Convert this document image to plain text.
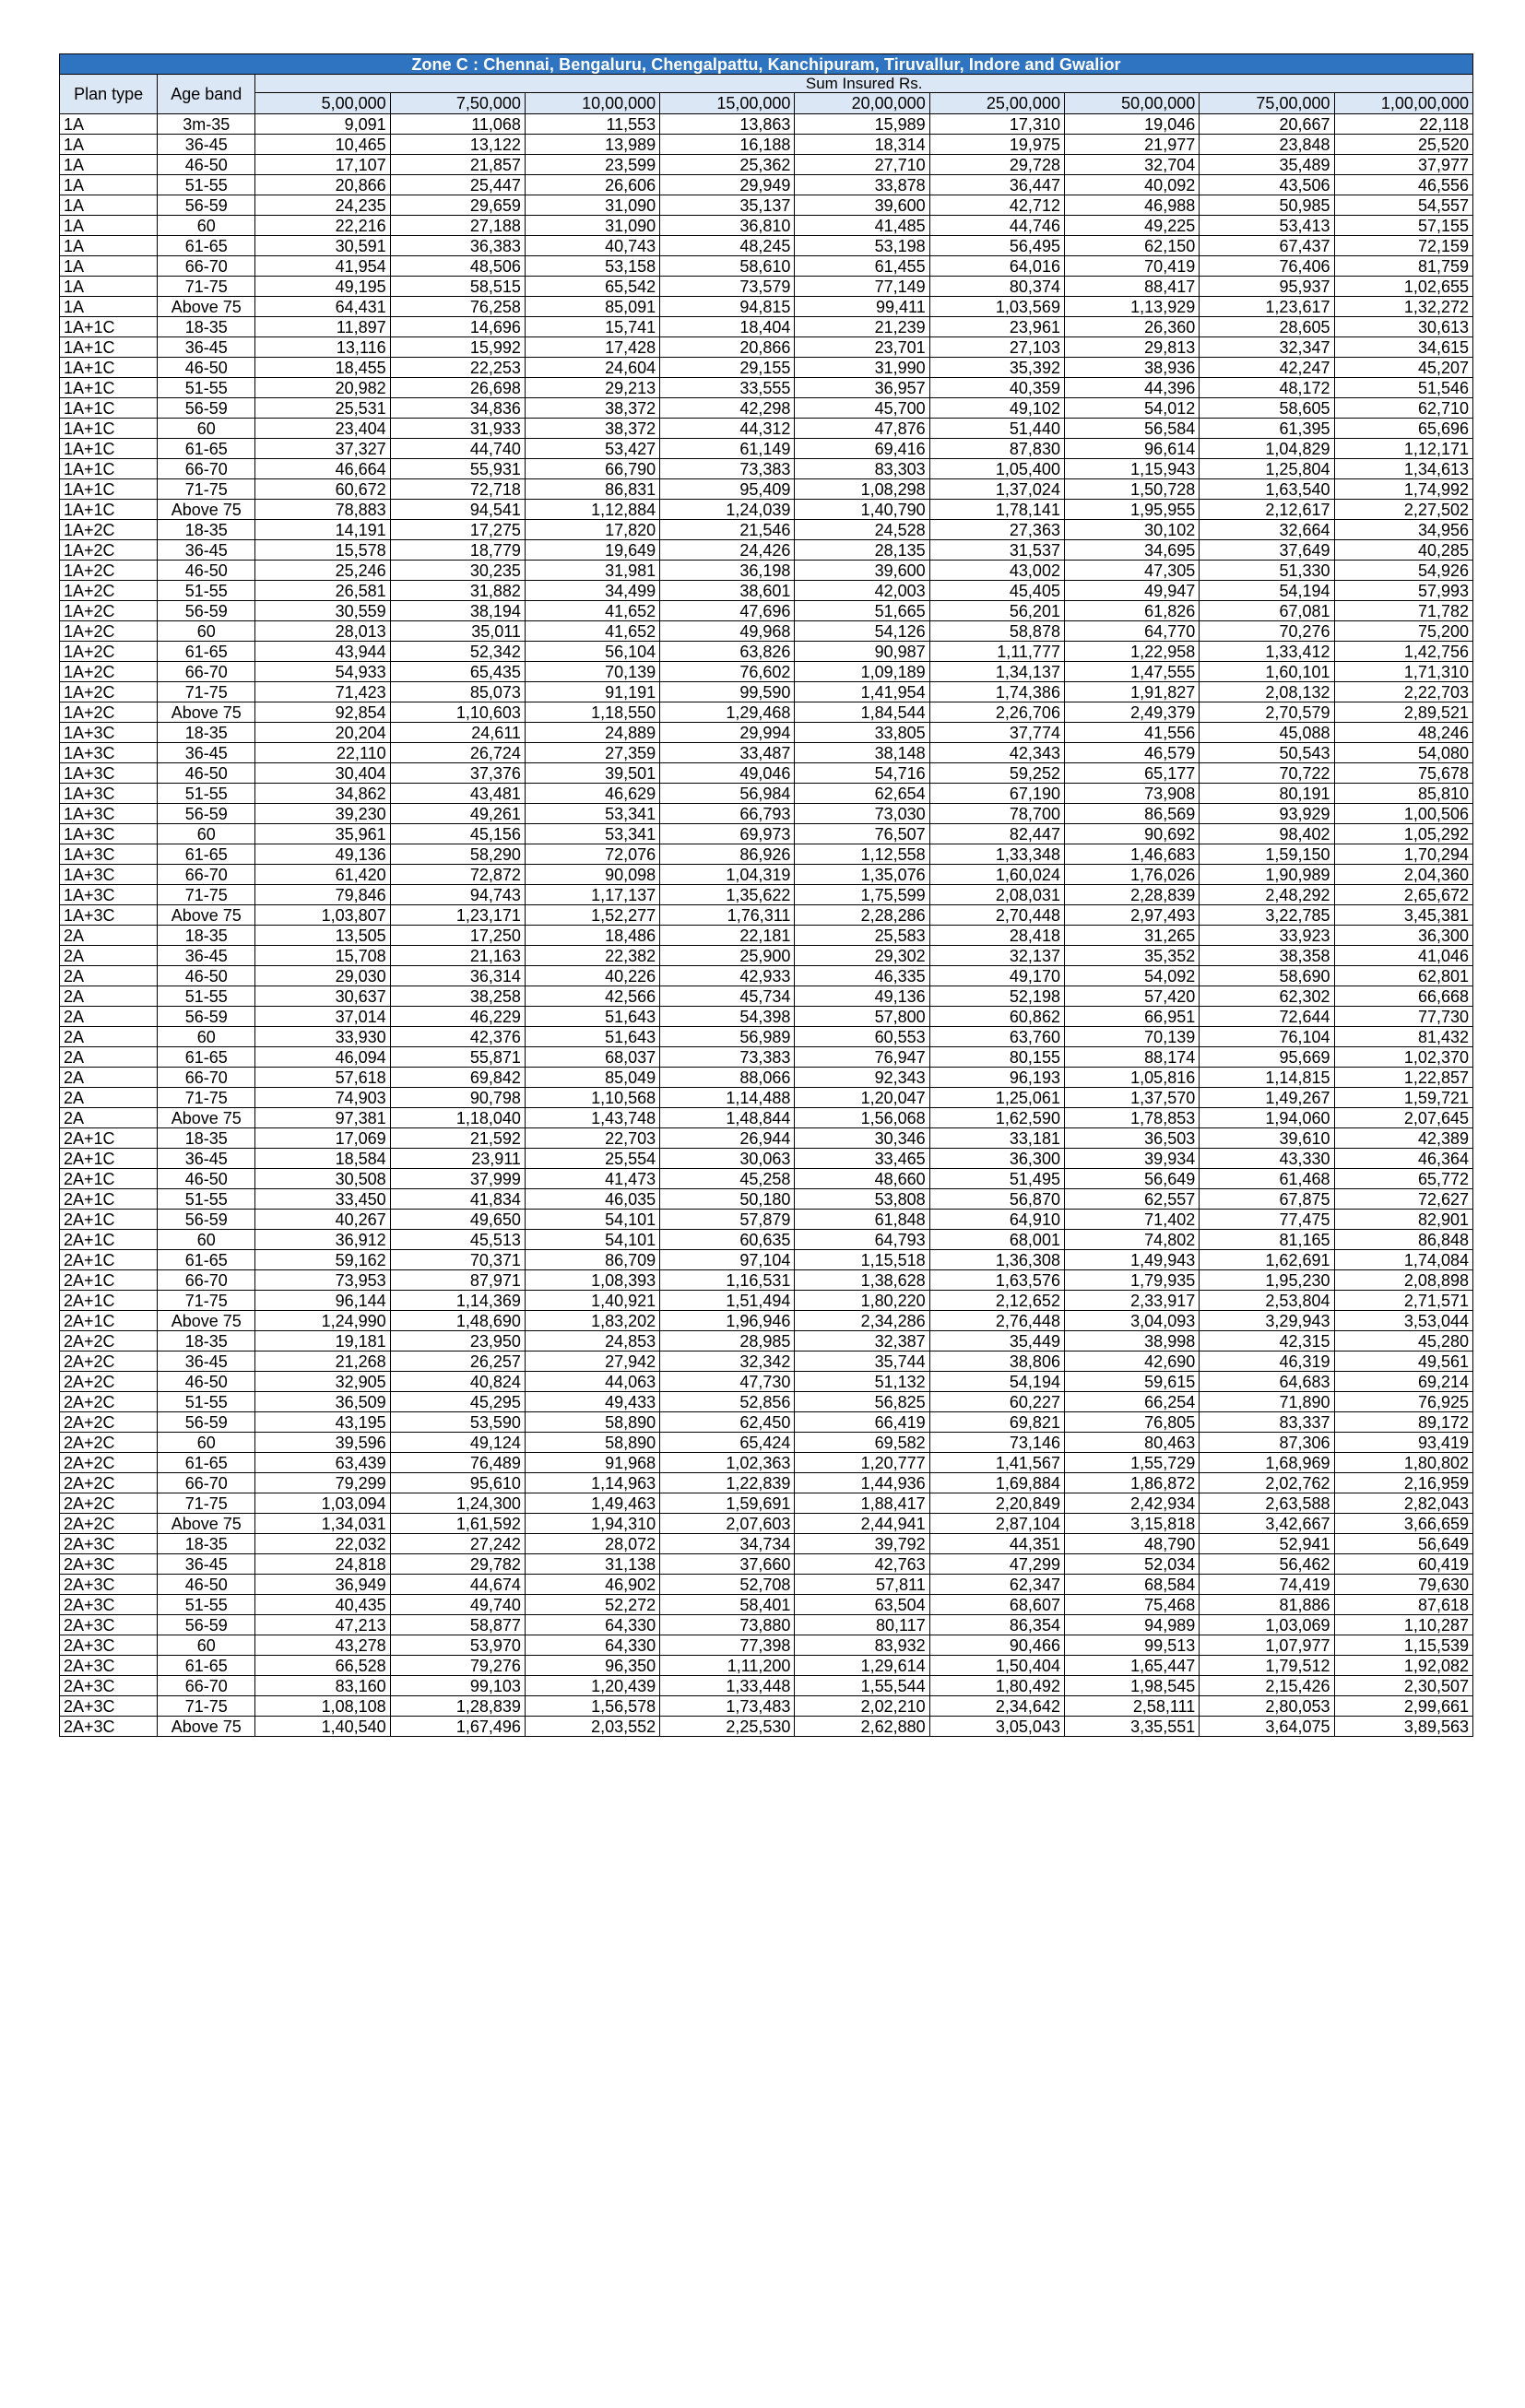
Zone C : Chennai, Bengaluru, Chengalpattu, Kanchipuram, Tiruvallur, Indore and Gwalior										
Plan type	Age band	Sum Insured Rs.								
		5,00,000	7,50,000	10,00,000	15,00,000	20,00,000	25,00,000	50,00,000	75,00,000	1,00,00,000
1A	3m-35	9,091	11,068	11,553	13,863	15,989	17,310	19,046	20,667	22,118
1A	36-45	10,465	13,122	13,989	16,188	18,314	19,975	21,977	23,848	25,520
1A	46-50	17,107	21,857	23,599	25,362	27,710	29,728	32,704	35,489	37,977
1A	51-55	20,866	25,447	26,606	29,949	33,878	36,447	40,092	43,506	46,556
1A	56-59	24,235	29,659	31,090	35,137	39,600	42,712	46,988	50,985	54,557
1A	60	22,216	27,188	31,090	36,810	41,485	44,746	49,225	53,413	57,155
1A	61-65	30,591	36,383	40,743	48,245	53,198	56,495	62,150	67,437	72,159
1A	66-70	41,954	48,506	53,158	58,610	61,455	64,016	70,419	76,406	81,759
1A	71-75	49,195	58,515	65,542	73,579	77,149	80,374	88,417	95,937	1,02,655
1A	Above 75	64,431	76,258	85,091	94,815	99,411	1,03,569	1,13,929	1,23,617	1,32,272
1A+1C	18-35	11,897	14,696	15,741	18,404	21,239	23,961	26,360	28,605	30,613
1A+1C	36-45	13,116	15,992	17,428	20,866	23,701	27,103	29,813	32,347	34,615
1A+1C	46-50	18,455	22,253	24,604	29,155	31,990	35,392	38,936	42,247	45,207
1A+1C	51-55	20,982	26,698	29,213	33,555	36,957	40,359	44,396	48,172	51,546
1A+1C	56-59	25,531	34,836	38,372	42,298	45,700	49,102	54,012	58,605	62,710
1A+1C	60	23,404	31,933	38,372	44,312	47,876	51,440	56,584	61,395	65,696
1A+1C	61-65	37,327	44,740	53,427	61,149	69,416	87,830	96,614	1,04,829	1,12,171
1A+1C	66-70	46,664	55,931	66,790	73,383	83,303	1,05,400	1,15,943	1,25,804	1,34,613
1A+1C	71-75	60,672	72,718	86,831	95,409	1,08,298	1,37,024	1,50,728	1,63,540	1,74,992
1A+1C	Above 75	78,883	94,541	1,12,884	1,24,039	1,40,790	1,78,141	1,95,955	2,12,617	2,27,502
1A+2C	18-35	14,191	17,275	17,820	21,546	24,528	27,363	30,102	32,664	34,956
1A+2C	36-45	15,578	18,779	19,649	24,426	28,135	31,537	34,695	37,649	40,285
1A+2C	46-50	25,246	30,235	31,981	36,198	39,600	43,002	47,305	51,330	54,926
1A+2C	51-55	26,581	31,882	34,499	38,601	42,003	45,405	49,947	54,194	57,993
1A+2C	56-59	30,559	38,194	41,652	47,696	51,665	56,201	61,826	67,081	71,782
1A+2C	60	28,013	35,011	41,652	49,968	54,126	58,878	64,770	70,276	75,200
1A+2C	61-65	43,944	52,342	56,104	63,826	90,987	1,11,777	1,22,958	1,33,412	1,42,756
1A+2C	66-70	54,933	65,435	70,139	76,602	1,09,189	1,34,137	1,47,555	1,60,101	1,71,310
1A+2C	71-75	71,423	85,073	91,191	99,590	1,41,954	1,74,386	1,91,827	2,08,132	2,22,703
1A+2C	Above 75	92,854	1,10,603	1,18,550	1,29,468	1,84,544	2,26,706	2,49,379	2,70,579	2,89,521
1A+3C	18-35	20,204	24,611	24,889	29,994	33,805	37,774	41,556	45,088	48,246
1A+3C	36-45	22,110	26,724	27,359	33,487	38,148	42,343	46,579	50,543	54,080
1A+3C	46-50	30,404	37,376	39,501	49,046	54,716	59,252	65,177	70,722	75,678
1A+3C	51-55	34,862	43,481	46,629	56,984	62,654	67,190	73,908	80,191	85,810
1A+3C	56-59	39,230	49,261	53,341	66,793	73,030	78,700	86,569	93,929	1,00,506
1A+3C	60	35,961	45,156	53,341	69,973	76,507	82,447	90,692	98,402	1,05,292
1A+3C	61-65	49,136	58,290	72,076	86,926	1,12,558	1,33,348	1,46,683	1,59,150	1,70,294
1A+3C	66-70	61,420	72,872	90,098	1,04,319	1,35,076	1,60,024	1,76,026	1,90,989	2,04,360
1A+3C	71-75	79,846	94,743	1,17,137	1,35,622	1,75,599	2,08,031	2,28,839	2,48,292	2,65,672
1A+3C	Above 75	1,03,807	1,23,171	1,52,277	1,76,311	2,28,286	2,70,448	2,97,493	3,22,785	3,45,381
2A	18-35	13,505	17,250	18,486	22,181	25,583	28,418	31,265	33,923	36,300
2A	36-45	15,708	21,163	22,382	25,900	29,302	32,137	35,352	38,358	41,046
2A	46-50	29,030	36,314	40,226	42,933	46,335	49,170	54,092	58,690	62,801
2A	51-55	30,637	38,258	42,566	45,734	49,136	52,198	57,420	62,302	66,668
2A	56-59	37,014	46,229	51,643	54,398	57,800	60,862	66,951	72,644	77,730
2A	60	33,930	42,376	51,643	56,989	60,553	63,760	70,139	76,104	81,432
2A	61-65	46,094	55,871	68,037	73,383	76,947	80,155	88,174	95,669	1,02,370
2A	66-70	57,618	69,842	85,049	88,066	92,343	96,193	1,05,816	1,14,815	1,22,857
2A	71-75	74,903	90,798	1,10,568	1,14,488	1,20,047	1,25,061	1,37,570	1,49,267	1,59,721
2A	Above 75	97,381	1,18,040	1,43,748	1,48,844	1,56,068	1,62,590	1,78,853	1,94,060	2,07,645
2A+1C	18-35	17,069	21,592	22,703	26,944	30,346	33,181	36,503	39,610	42,389
2A+1C	36-45	18,584	23,911	25,554	30,063	33,465	36,300	39,934	43,330	46,364
2A+1C	46-50	30,508	37,999	41,473	45,258	48,660	51,495	56,649	61,468	65,772
2A+1C	51-55	33,450	41,834	46,035	50,180	53,808	56,870	62,557	67,875	72,627
2A+1C	56-59	40,267	49,650	54,101	57,879	61,848	64,910	71,402	77,475	82,901
2A+1C	60	36,912	45,513	54,101	60,635	64,793	68,001	74,802	81,165	86,848
2A+1C	61-65	59,162	70,371	86,709	97,104	1,15,518	1,36,308	1,49,943	1,62,691	1,74,084
2A+1C	66-70	73,953	87,971	1,08,393	1,16,531	1,38,628	1,63,576	1,79,935	1,95,230	2,08,898
2A+1C	71-75	96,144	1,14,369	1,40,921	1,51,494	1,80,220	2,12,652	2,33,917	2,53,804	2,71,571
2A+1C	Above 75	1,24,990	1,48,690	1,83,202	1,96,946	2,34,286	2,76,448	3,04,093	3,29,943	3,53,044
2A+2C	18-35	19,181	23,950	24,853	28,985	32,387	35,449	38,998	42,315	45,280
2A+2C	36-45	21,268	26,257	27,942	32,342	35,744	38,806	42,690	46,319	49,561
2A+2C	46-50	32,905	40,824	44,063	47,730	51,132	54,194	59,615	64,683	69,214
2A+2C	51-55	36,509	45,295	49,433	52,856	56,825	60,227	66,254	71,890	76,925
2A+2C	56-59	43,195	53,590	58,890	62,450	66,419	69,821	76,805	83,337	89,172
2A+2C	60	39,596	49,124	58,890	65,424	69,582	73,146	80,463	87,306	93,419
2A+2C	61-65	63,439	76,489	91,968	1,02,363	1,20,777	1,41,567	1,55,729	1,68,969	1,80,802
2A+2C	66-70	79,299	95,610	1,14,963	1,22,839	1,44,936	1,69,884	1,86,872	2,02,762	2,16,959
2A+2C	71-75	1,03,094	1,24,300	1,49,463	1,59,691	1,88,417	2,20,849	2,42,934	2,63,588	2,82,043
2A+2C	Above 75	1,34,031	1,61,592	1,94,310	2,07,603	2,44,941	2,87,104	3,15,818	3,42,667	3,66,659
2A+3C	18-35	22,032	27,242	28,072	34,734	39,792	44,351	48,790	52,941	56,649
2A+3C	36-45	24,818	29,782	31,138	37,660	42,763	47,299	52,034	56,462	60,419
2A+3C	46-50	36,949	44,674	46,902	52,708	57,811	62,347	68,584	74,419	79,630
2A+3C	51-55	40,435	49,740	52,272	58,401	63,504	68,607	75,468	81,886	87,618
2A+3C	56-59	47,213	58,877	64,330	73,880	80,117	86,354	94,989	1,03,069	1,10,287
2A+3C	60	43,278	53,970	64,330	77,398	83,932	90,466	99,513	1,07,977	1,15,539
2A+3C	61-65	66,528	79,276	96,350	1,11,200	1,29,614	1,50,404	1,65,447	1,79,512	1,92,082
2A+3C	66-70	83,160	99,103	1,20,439	1,33,448	1,55,544	1,80,492	1,98,545	2,15,426	2,30,507
2A+3C	71-75	1,08,108	1,28,839	1,56,578	1,73,483	2,02,210	2,34,642	2,58,111	2,80,053	2,99,661
2A+3C	Above 75	1,40,540	1,67,496	2,03,552	2,25,530	2,62,880	3,05,043	3,35,551	3,64,075	3,89,563
